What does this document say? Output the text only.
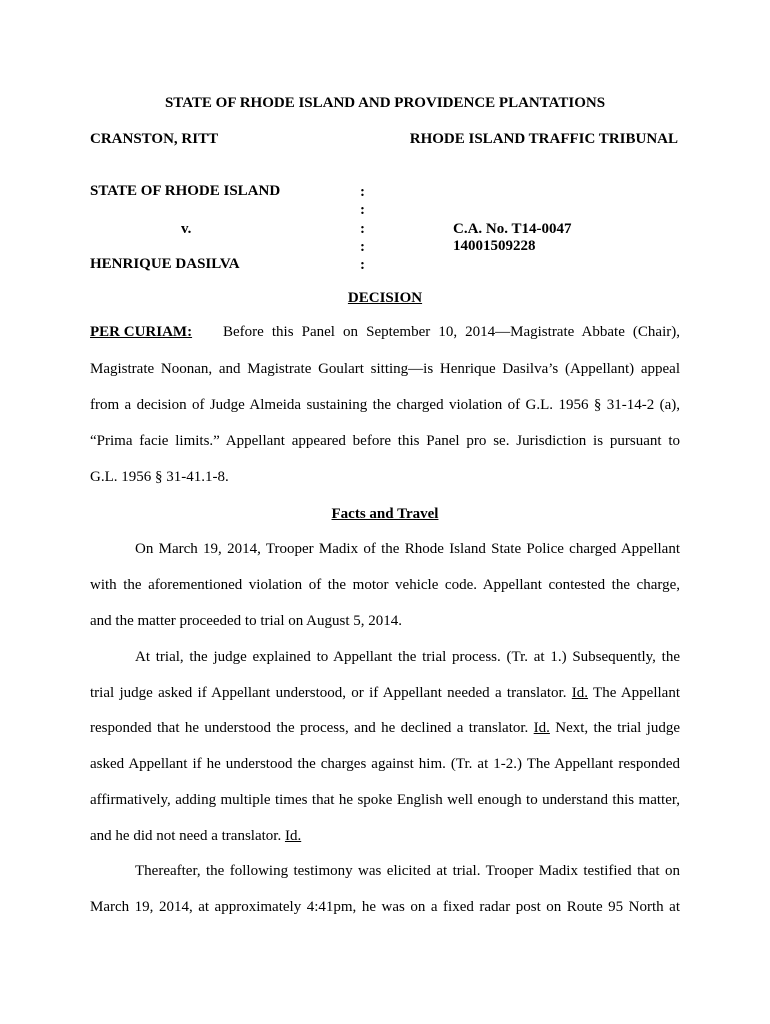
STATE OF RHODE ISLAND AND PROVIDENCE PLANTATIONS
CRANSTON, RITT	RHODE ISLAND TRAFFIC TRIBUNAL
STATE OF RHODE ISLAND
v.
HENRIQUE DASILVA
:
:
:
:
:
C.A. No. T14-0047
14001509228
DECISION
PER CURIAM: Before this Panel on September 10, 2014—Magistrate Abbate (Chair),
Magistrate Noonan, and Magistrate Goulart sitting—is Henrique Dasilva’s (Appellant) appeal
from a decision of Judge Almeida sustaining the charged violation of G.L. 1956 § 31-14-2 (a),
“Prima facie limits.” Appellant appeared before this Panel pro se. Jurisdiction is pursuant to
G.L. 1956 § 31-41.1-8.
Facts and Travel
On March 19, 2014, Trooper Madix of the Rhode Island State Police charged Appellant
with the aforementioned violation of the motor vehicle code. Appellant contested the charge,
and the matter proceeded to trial on August 5, 2014.
At trial, the judge explained to Appellant the trial process. (Tr. at 1.) Subsequently, the
trial judge asked if Appellant understood, or if Appellant needed a translator. Id. The Appellant
responded that he understood the process, and he declined a translator. Id. Next, the trial judge
asked Appellant if he understood the charges against him. (Tr. at 1-2.) The Appellant responded
affirmatively, adding multiple times that he spoke English well enough to understand this matter,
and he did not need a translator. Id.
Thereafter, the following testimony was elicited at trial. Trooper Madix testified that on
March 19, 2014, at approximately 4:41pm, he was on a fixed radar post on Route 95 North at
